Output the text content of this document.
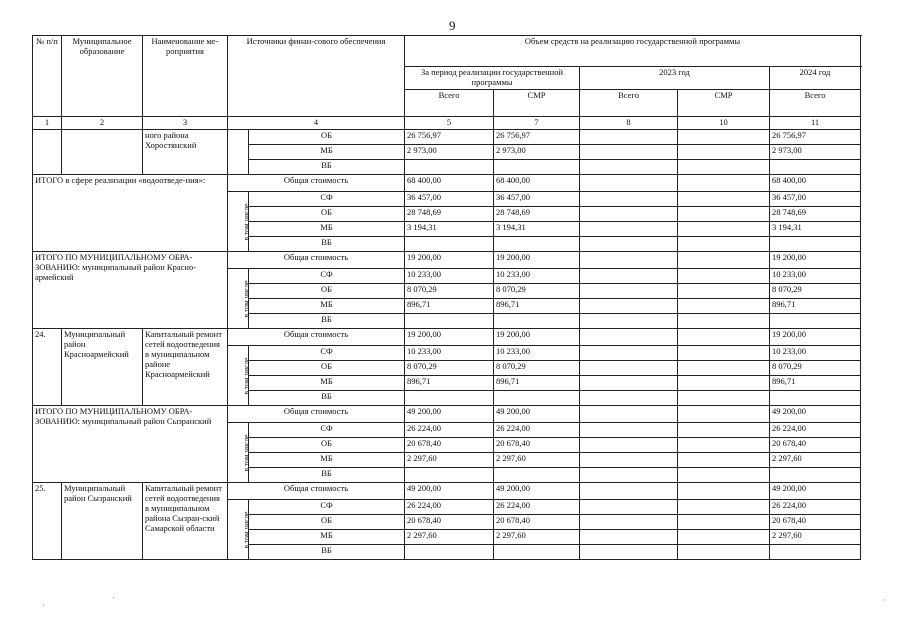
9
№ п/п	Муниципальное образование	Наименование ме-роприятия	Источники финан-сового обеспечения		Объем средств на реализацию государственной программы					
					За период реализации государственной программы		2023 год		2024 год	
					Всего	СМР	Всего	СМР	Всего	
1	2	3	4		5	7	8	10	11	
		ного района Хоростянский		ОБ	26 756,97	26 756,97			26 756,97	
				МБ	2 973,00	2 973,00			2 973,00	
				ВБ						
ИТОГО в сфере реализации «водоотведе-ния»:			Общая стоимость		68 400,00	68 400,00			68 400,00	
			в том числе	СФ	36 457,00	36 457,00			36 457,00	
				ОБ	28 748,69	28 748,69			28 748,69	
				МБ	3 194,31	3 194,31			3 194,31	
				ВБ						
ИТОГО ПО МУНИЦИПАЛЬНОМУ ОБРА-ЗОВАНИЮ: муниципальный район Красно-армейский			Общая стоимость		19 200,00	19 200,00			19 200,00	
			в том числе	СФ	10 233,00	10 233,00			10 233,00	
				ОБ	8 070,29	8 070,29			8 070,29	
				МБ	896,71	896,71			896,71	
				ВБ						
24.	Муниципальный район Красноармейский	Капитальный ремонт сетей водоотведения в муниципальном районе Красноармейский	Общая стоимость		19 200,00	19 200,00			19 200,00	
			в том числе	СФ	10 233,00	10 233,00			10 233,00	
				ОБ	8 070,29	8 070,29			8 070,29	
				МБ	896,71	896,71			896,71	
				ВБ						
ИТОГО ПО МУНИЦИПАЛЬНОМУ ОБРА-ЗОВАНИЮ: муниципальный район Сызранский			Общая стоимость		49 200,00	49 200,00			49 200,00	
			в том числе	СФ	26 224,00	26 224,00			26 224,00	
				ОБ	20 678,40	20 678,40			20 678,40	
				МБ	2 297,60	2 297,60			2 297,60	
				ВБ						
25.	Муниципальный район Сызранский	Капитальный ремонт сетей водоотведения в муниципальном района Сызран-ский Самарской области	Общая стоимость		49 200,00	49 200,00			49 200,00	
			в том числе	СФ	26 224,00	26 224,00			26 224,00	
				ОБ	20 678,40	20 678,40			20 678,40	
				МБ	2 297,60	2 297,60			2 297,60	
				ВБ						
·
·	·
